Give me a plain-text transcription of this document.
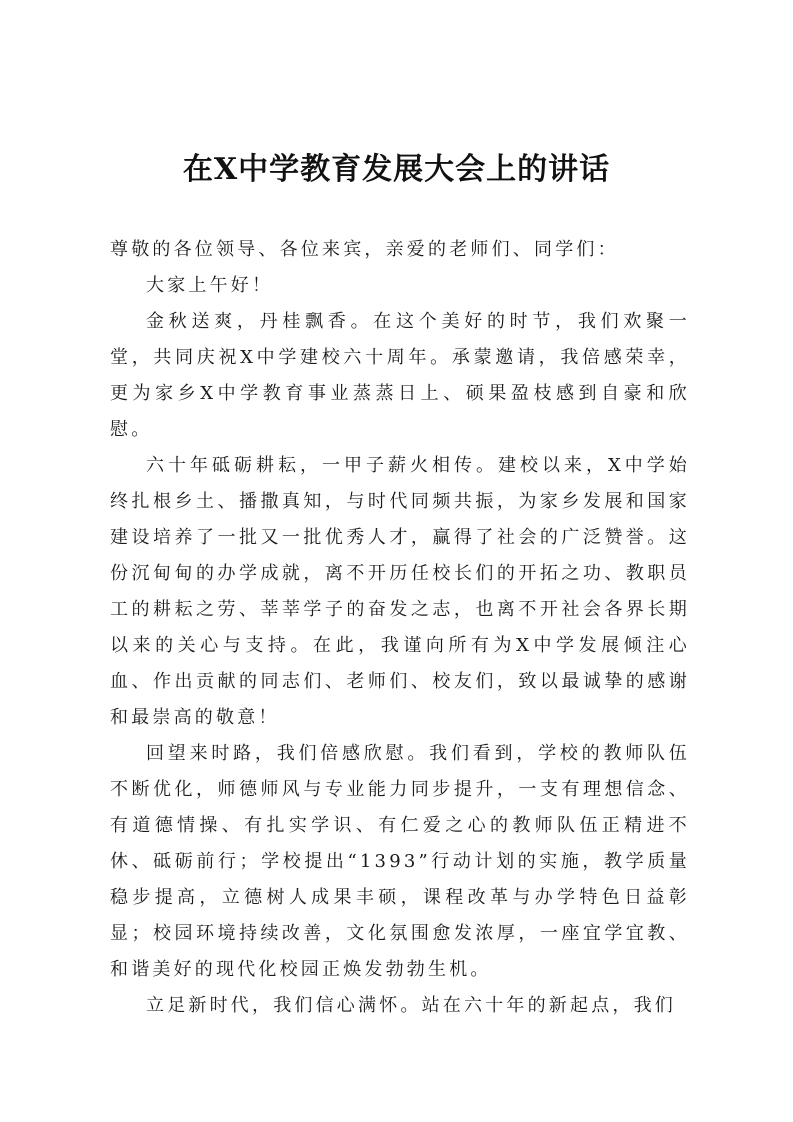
在X中学教育发展大会上的讲话

尊敬的各位领导、各位来宾，亲爱的老师们、同学们：

大家上午好！

金秋送爽，丹桂飘香。在这个美好的时节，我们欢聚一堂，共同庆祝X中学建校六十周年。承蒙邀请，我倍感荣幸，更为家乡X中学教育事业蒸蒸日上、硕果盈枝感到自豪和欣慰。

六十年砥砺耕耘，一甲子薪火相传。建校以来，X中学始终扎根乡土、播撒真知，与时代同频共振，为家乡发展和国家建设培养了一批又一批优秀人才，赢得了社会的广泛赞誉。这份沉甸甸的办学成就，离不开历任校长们的开拓之功、教职员工的耕耘之劳、莘莘学子的奋发之志，也离不开社会各界长期以来的关心与支持。在此，我谨向所有为X中学发展倾注心血、作出贡献的同志们、老师们、校友们，致以最诚挚的感谢和最崇高的敬意！

回望来时路，我们倍感欣慰。我们看到，学校的教师队伍不断优化，师德师风与专业能力同步提升，一支有理想信念、有道德情操、有扎实学识、有仁爱之心的教师队伍正精进不休、砥砺前行；学校提出“1393”行动计划的实施，教学质量稳步提高，立德树人成果丰硕，课程改革与办学特色日益彰显；校园环境持续改善，文化氛围愈发浓厚，一座宜学宜教、和谐美好的现代化校园正焕发勃勃生机。

立足新时代，我们信心满怀。站在六十年的新起点，我们
